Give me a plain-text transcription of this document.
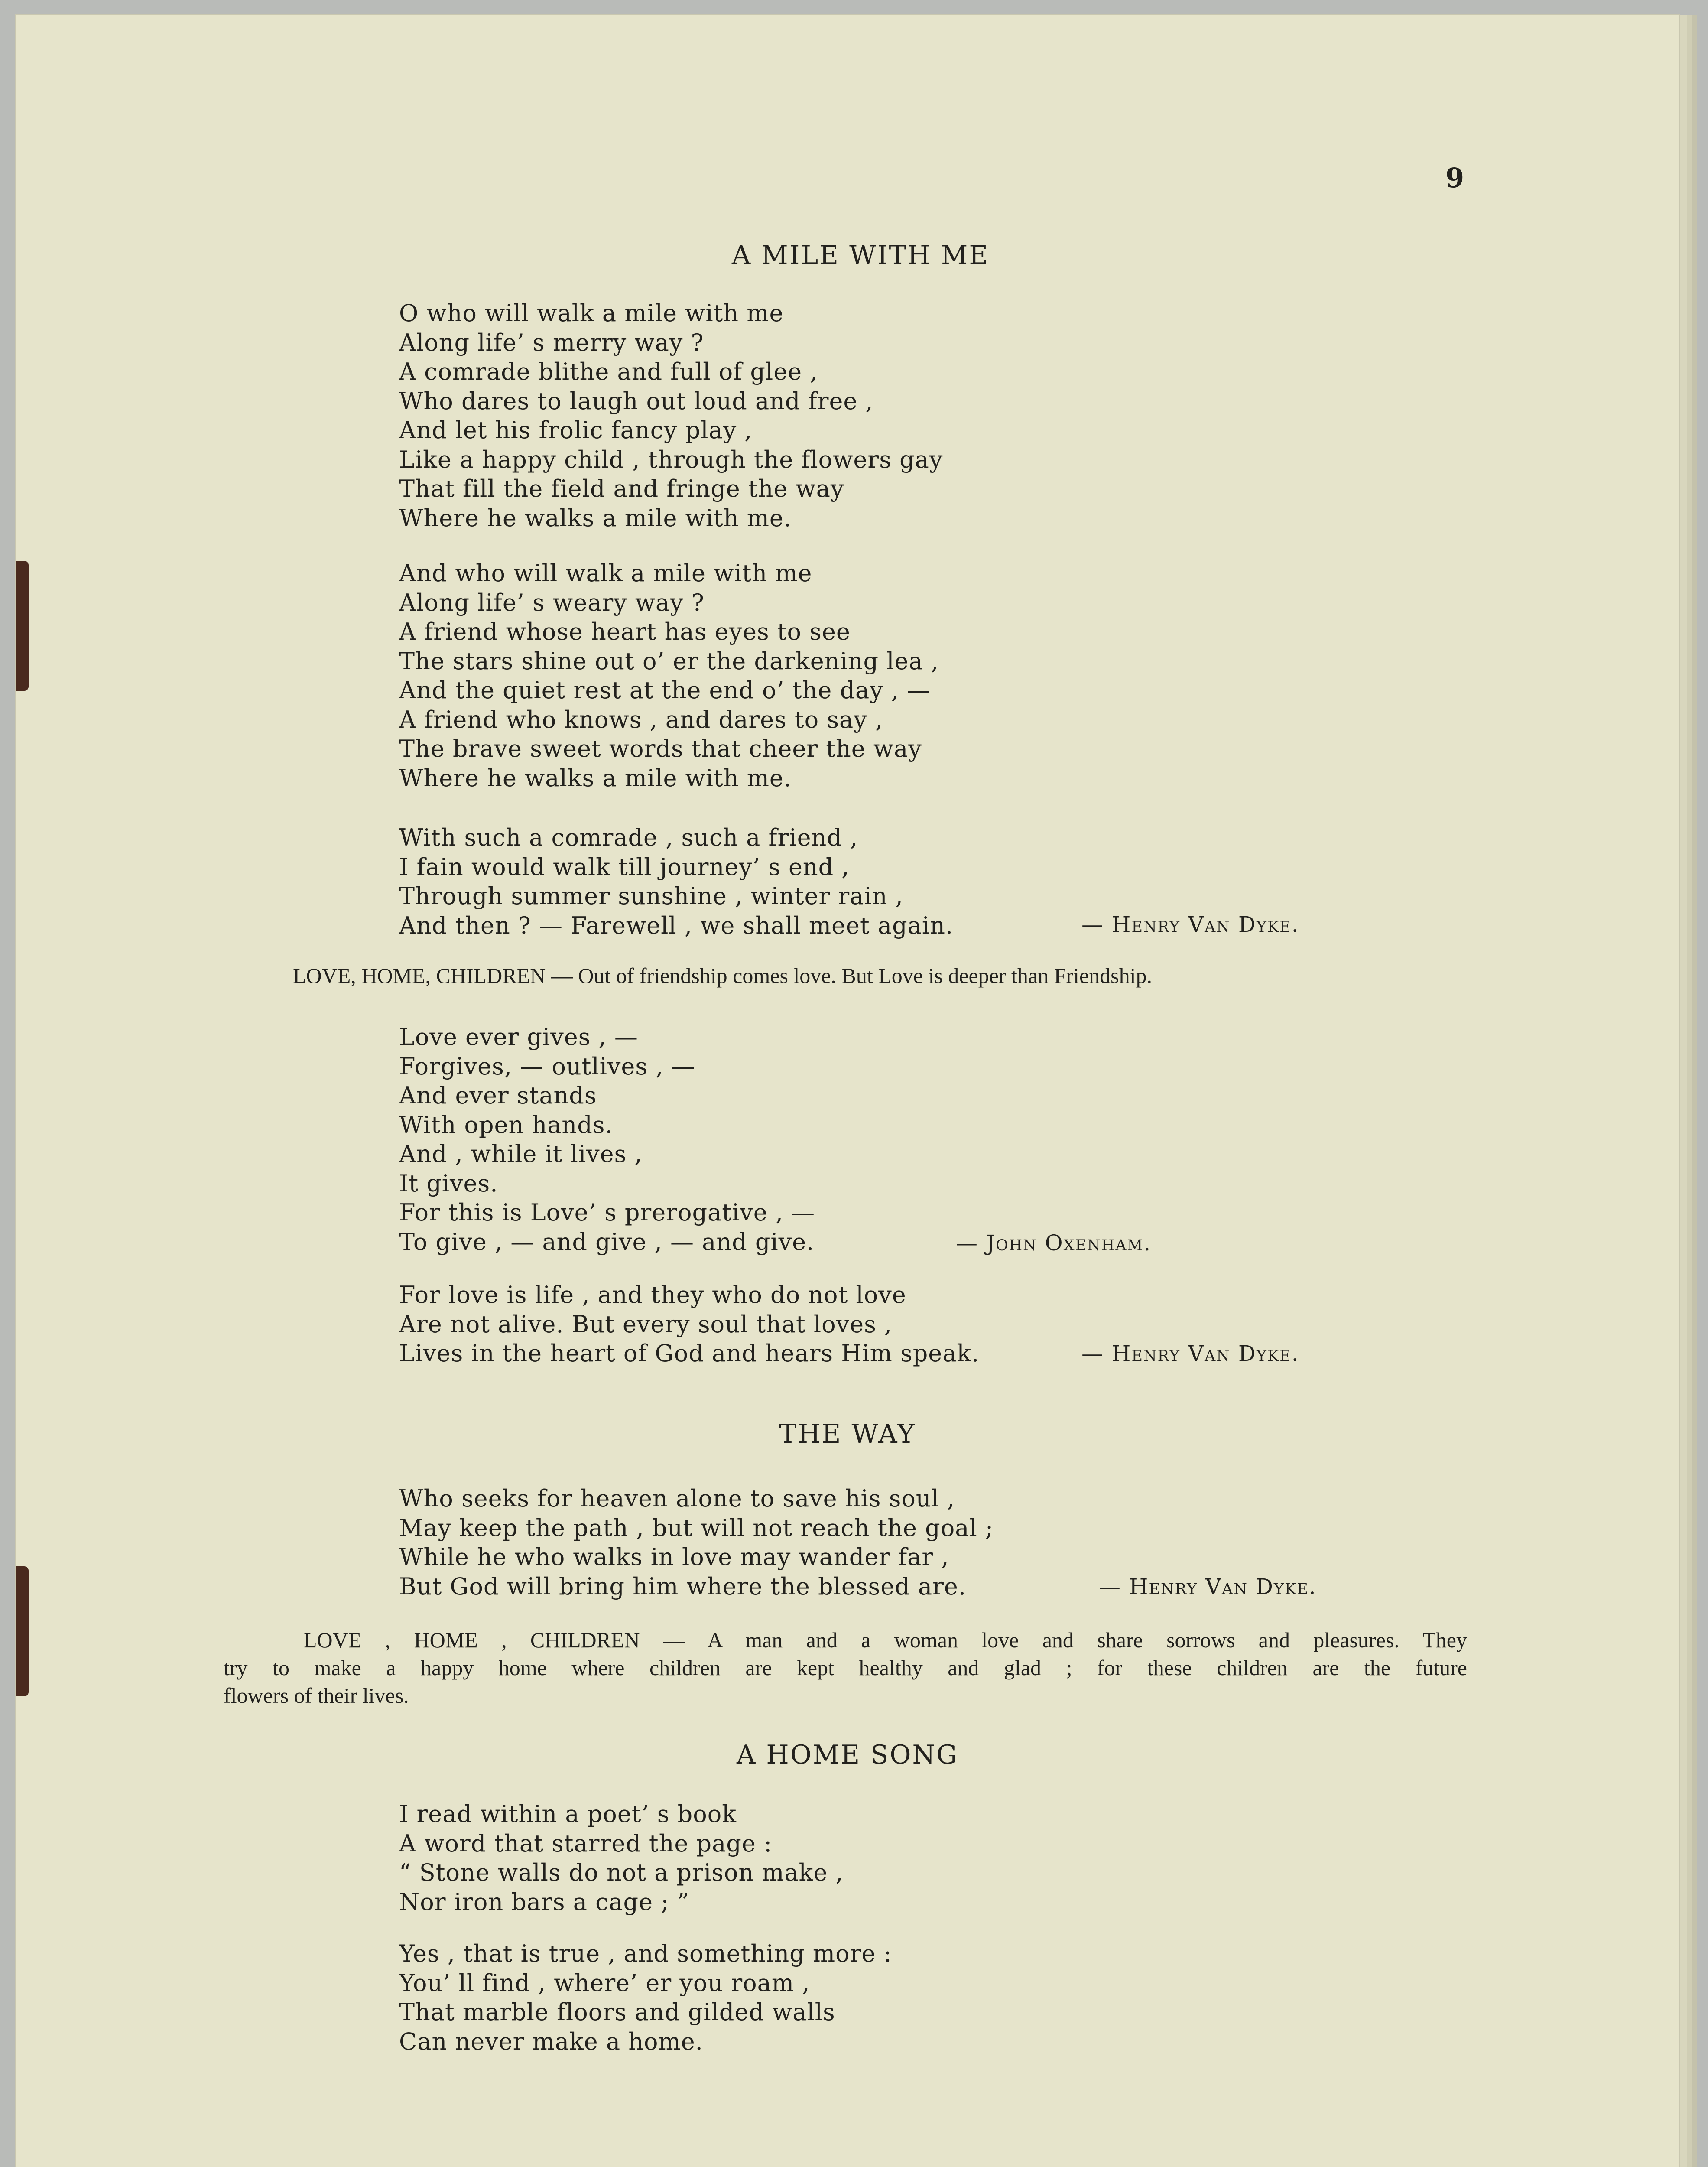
9
A MILE WITH ME
O who will walk a mile with me
Along life’ s merry way ?
A comrade blithe and full of glee ,
Who dares to laugh out loud and free ,
And let his frolic fancy play ,
Like a happy child , through the flowers gay
That fill the field and fringe the way
Where he walks a mile with me.
And who will walk a mile with me
Along life’ s weary way ?
A friend whose heart has eyes to see
The stars shine out o’ er the darkening lea ,
And the quiet rest at the end o’ the day , —
A friend who knows , and dares to say ,
The brave sweet words that cheer the way
Where he walks a mile with me.
With such a comrade , such a friend ,
I fain would walk till journey’ s end ,
Through summer sunshine , winter rain ,
And then ? — Farewell , we shall meet again.	— Henry Van Dyke.
LOVE, HOME, CHILDREN — Out of friendship comes love. But Love is deeper than Friendship.
Love ever gives , —
Forgives, — outlives , —
And ever stands
With open hands.
And , while it lives ,
It gives.
For this is Love’ s prerogative , —
To give , — and give , — and give.	— John Oxenham.
For love is life , and they who do not love
Are not alive. But every soul that loves ,
Lives in the heart of God and hears Him speak.	— Henry Van Dyke.
THE WAY
Who seeks for heaven alone to save his soul ,
May keep the path , but will not reach the goal ;
While he who walks in love may wander far ,
But God will bring him where the blessed are.	— Henry Van Dyke.
LOVE , HOME , CHILDREN — A man and a woman love and share sorrows and pleasures. They
try to make a happy home where children are kept healthy and glad ; for these children are the future
flowers of their lives.
A HOME SONG
I read within a poet’ s book
A word that starred the page :
“ Stone walls do not a prison make ,
Nor iron bars a cage ; ”
Yes , that is true , and something more :
You’ ll find , where’ er you roam ,
That marble floors and gilded walls
Can never make a home.
